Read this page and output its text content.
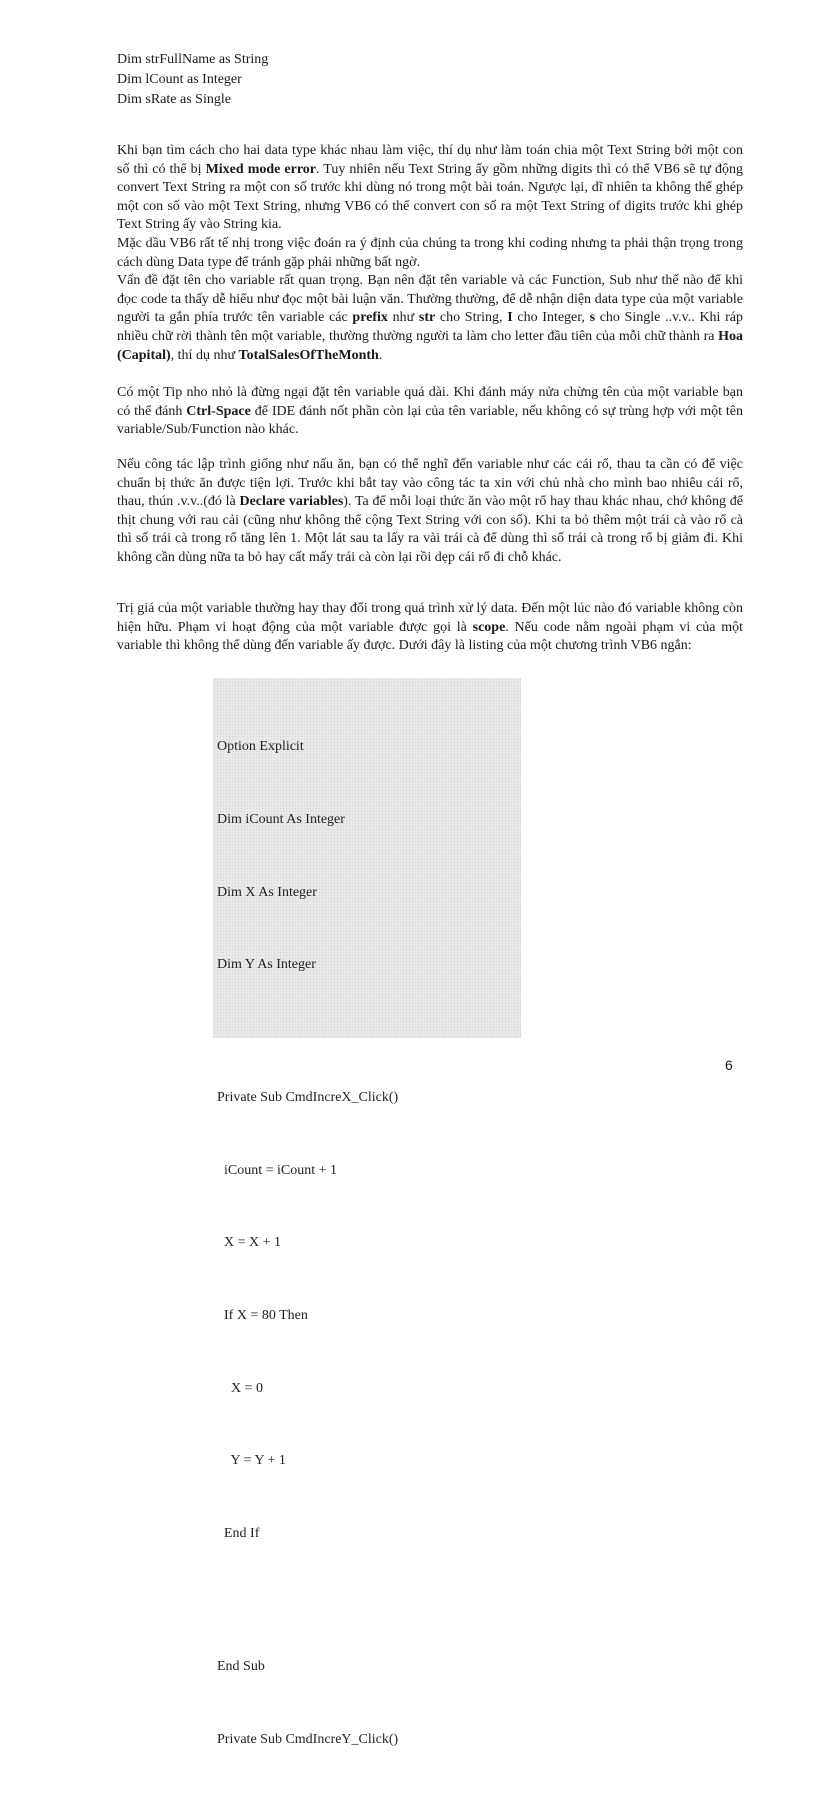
Dim strFullName as String
Dim lCount as Integer
Dim sRate as Single

Khi bạn tìm cách cho hai data type khác nhau làm việc, thí dụ như làm toán chia một Text String bởi một con số thì có thể bị Mixed mode error. Tuy nhiên nếu Text String ấy gồm những digits thì có thể VB6 sẽ tự động convert Text String ra một con số trước khi dùng nó trong một bài toán. Ngược lại, dĩ nhiên ta không thể ghép một con số vào một Text String, nhưng VB6 có thể convert con số ra một Text String of digits trước khi ghép Text String ấy vào String kia.

Mặc dầu VB6 rất tế nhị trong việc đoán ra ý định của chúng ta trong khi coding nhưng ta phải thận trọng trong cách dùng Data type để tránh gặp phải những bất ngờ.

Vấn đề đặt tên cho variable rất quan trọng. Bạn nên đặt tên variable và các Function, Sub như thế nào để khi đọc code ta thấy dễ hiểu như đọc một bài luận văn. Thường thường, để dễ nhận diện data type của một variable người ta gắn phía trước tên variable các prefix như str cho String, I cho Integer, s cho Single ..v.v.. Khi ráp nhiều chữ rời thành tên một variable, thường thường người ta làm cho letter đầu tiên của mỗi chữ thành ra Hoa (Capital), thí dụ như TotalSalesOfTheMonth.

Có một Tip nho nhỏ là đừng ngại đặt tên variable quá dài. Khi đánh máy nửa chừng tên của một variable bạn có thể đánh Ctrl-Space để IDE đánh nốt phần còn lại của tên variable, nếu không có sự trùng hợp với một tên variable/Sub/Function nào khác.

Nếu công tác lập trình giống như nấu ăn, bạn có thể nghĩ đến variable như các cái rổ, thau ta cần có để việc chuẩn bị thức ăn được tiện lợi. Trước khi bắt tay vào công tác ta xin với chủ nhà cho mình bao nhiêu cái rổ, thau, thún .v.v..(đó là Declare variables). Ta để mỗi loại thức ăn vào một rổ hay thau khác nhau, chớ không để thịt chung với rau cải (cũng như không thể cộng Text String với con số). Khi ta bỏ thêm một trái cà vào rổ cà thì số trái cà trong rổ tăng lên 1. Một lát sau ta lấy ra vài trái cà để dùng thì số trái cà trong rổ bị giảm đi. Khi không cần dùng nữa ta bỏ hay cất mấy trái cà còn lại rồi dẹp cái rổ đi chỗ khác.

Trị giá của một variable thường hay thay đổi trong quá trình xử lý data. Đến một lúc nào đó variable không còn hiện hữu. Phạm vi hoạt động của một variable được gọi là scope. Nếu code nằm ngoài phạm vi của một variable thì không thể dùng đến variable ấy được. Dưới đây là listing của một chương trình VB6 ngắn:

Option Explicit

Dim iCount As Integer

Dim X As Integer

Dim Y As Integer

Private Sub CmdIncreX_Click()

iCount = iCount + 1

X = X + 1

If X = 80 Then

X = 0

Y = Y + 1

End If

End Sub

Private Sub CmdIncreY_Click()

6
